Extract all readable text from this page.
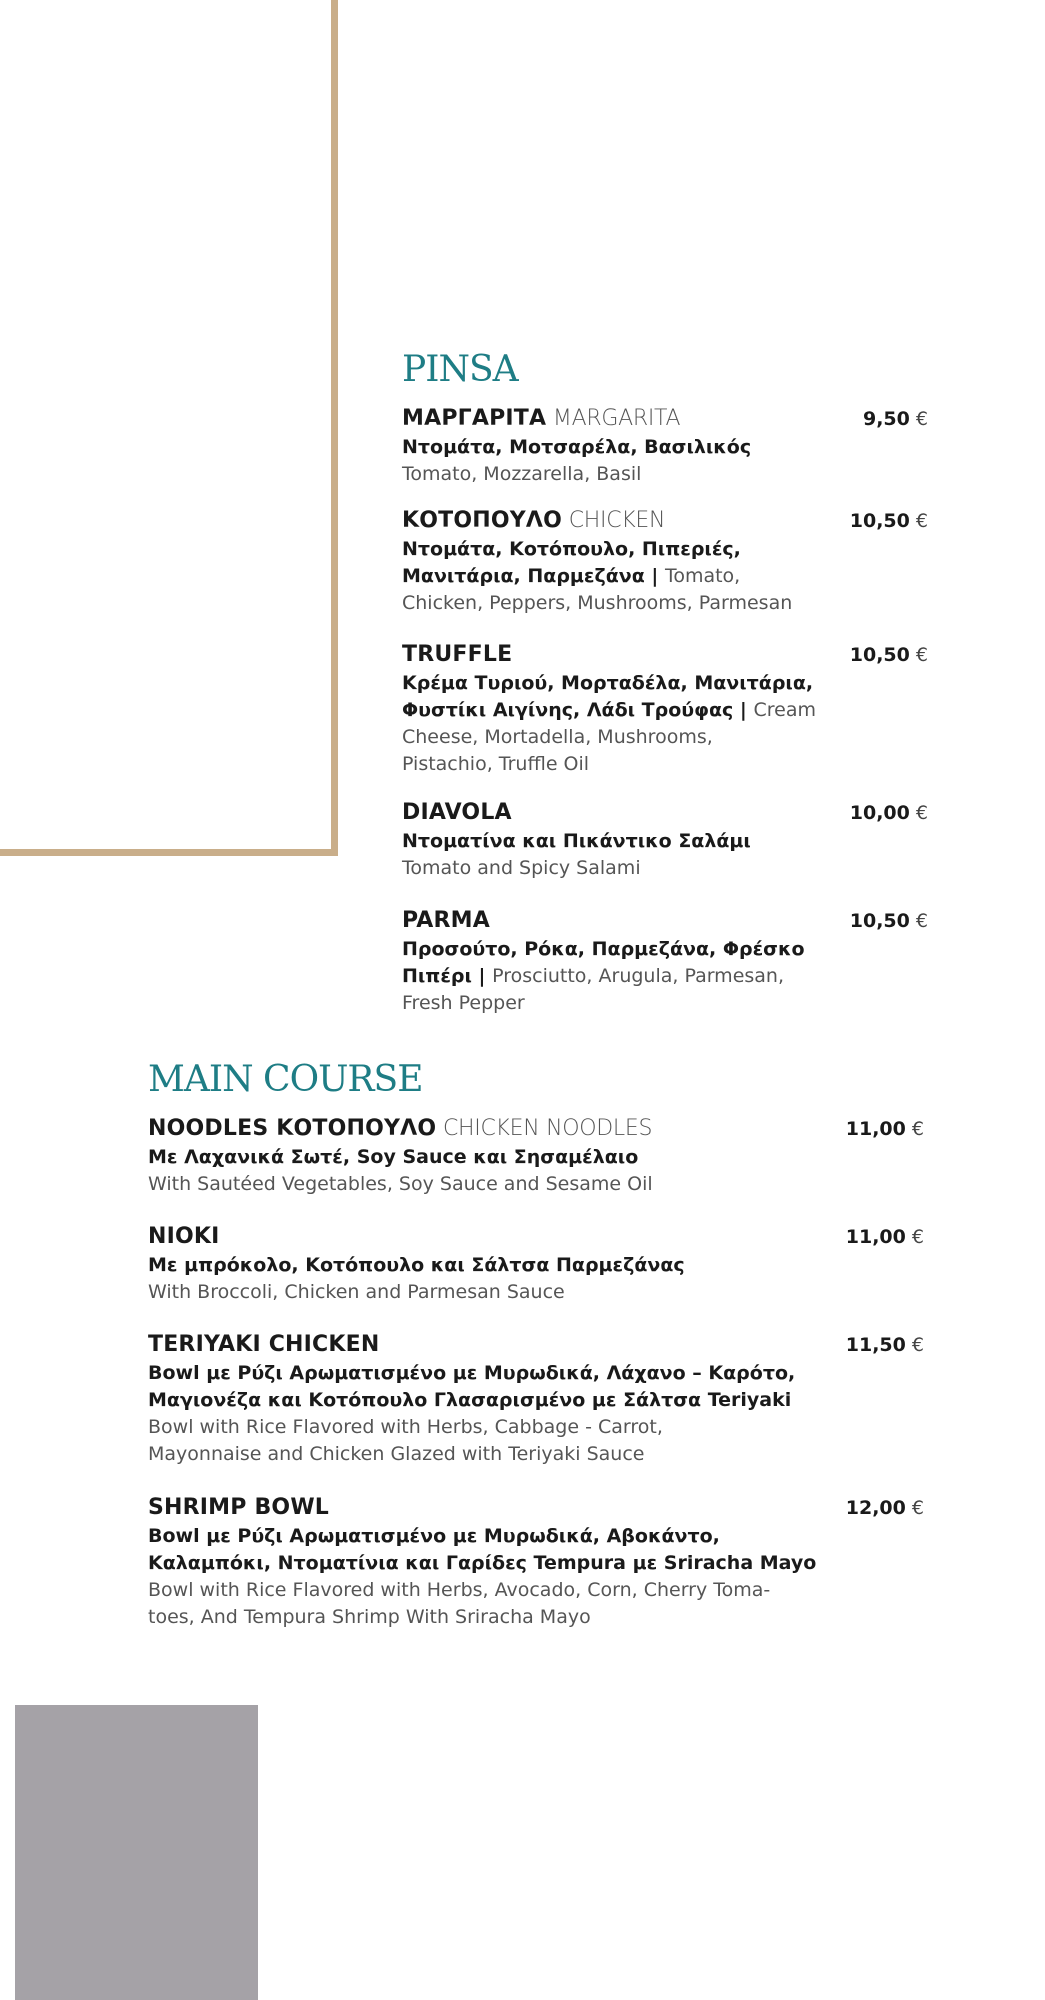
PINSA
MAIN COURSE
ΜΑΡΓΑΡΙΤΑ MARGARITA	9,50 €
Ντομάτα, Μοτσαρέλα, Βασιλικός
Tomato, Mozzarella, Basil
ΚΟΤΟΠΟΥΛΟ CHICKEN	10,50 €
Ντομάτα, Κοτόπουλο, Πιπεριές,
Μανιτάρια, Παρμεζάνα | Tomato,
Chicken, Peppers, Mushrooms, Parmesan
TRUFFLE	10,50 €
Κρέμα Τυριού, Μορταδέλα, Μανιτάρια,
Φυστίκι Αιγίνης, Λάδι Τρούφας | Cream
Cheese, Mortadella, Mushrooms,
Pistachio, Truffle Oil
DIAVOLA	10,00 €
Ντοματίνα και Πικάντικο Σαλάμι
Tomato and Spicy Salami
PARMA	10,50 €
Προσούτο, Ρόκα, Παρμεζάνα, Φρέσκο
Πιπέρι | Prosciutto, Arugula, Parmesan,
Fresh Pepper
NOODLES ΚΟΤΟΠΟΥΛΟ CHICKEN NOODLES	11,00 €
Με Λαχανικά Σωτέ, Soy Sauce και Σησαμέλαιο
With Sautéed Vegetables, Soy Sauce and Sesame Oil
NIOKI	11,00 €
Με μπρόκολο, Κοτόπουλο και Σάλτσα Παρμεζάνας
With Broccoli, Chicken and Parmesan Sauce
TERIYAKI CHICKEN	11,50 €
Bowl με Ρύζι Αρωματισμένο με Μυρωδικά, Λάχανο – Καρότο,
Μαγιονέζα και Κοτόπουλο Γλασαρισμένο με Σάλτσα Teriyaki
Bowl with Rice Flavored with Herbs, Cabbage - Carrot,
Mayonnaise and Chicken Glazed with Teriyaki Sauce
SHRIMP BOWL	12,00 €
Bowl με Ρύζι Αρωματισμένο με Μυρωδικά, Αβοκάντο,
Καλαμπόκι, Ντοματίνια και Γαρίδες Tempura με Sriracha Mayo
Bowl with Rice Flavored with Herbs, Avocado, Corn, Cherry Toma-
toes, And Tempura Shrimp With Sriracha Mayo
